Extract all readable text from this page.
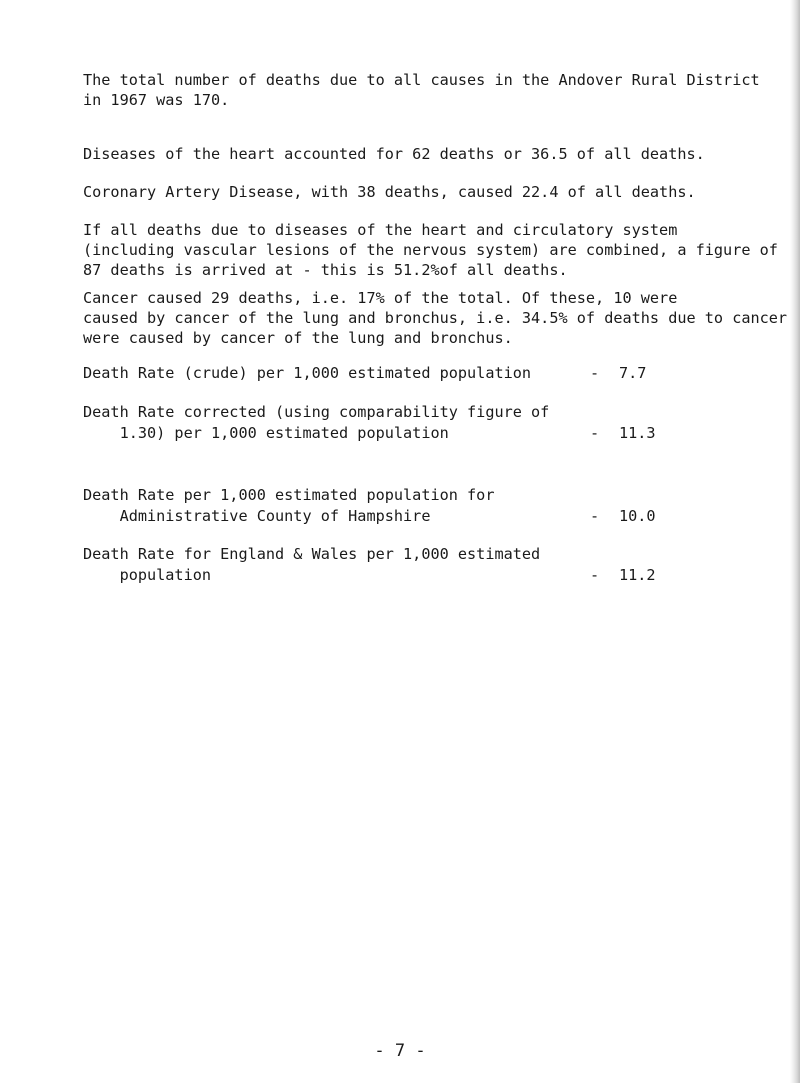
The total number of deaths due to all causes in the Andover Rural District
in 1967 was 170.

Diseases of the heart accounted for 62 deaths or 36.5 of all deaths.

Coronary Artery Disease, with 38 deaths, caused 22.4 of all deaths.

If all deaths due to diseases of the heart and circulatory system
(including vascular lesions of the nervous system) are combined, a figure of
87 deaths is arrived at - this is 51.2%of all deaths.

Cancer caused 29 deaths, i.e. 17% of the total. Of these, 10 were
caused by cancer of the lung and bronchus, i.e. 34.5% of deaths due to cancer
were caused by cancer of the lung and bronchus.

Death Rate (crude) per 1,000 estimated population	- 7.7
Death Rate corrected (using comparability figure of
1.30) per 1,000 estimated population	- 11.3
Death Rate per 1,000 estimated population for
Administrative County of Hampshire	- 10.0
Death Rate for England & Wales per 1,000 estimated
population	- 11.2
- 7 -
